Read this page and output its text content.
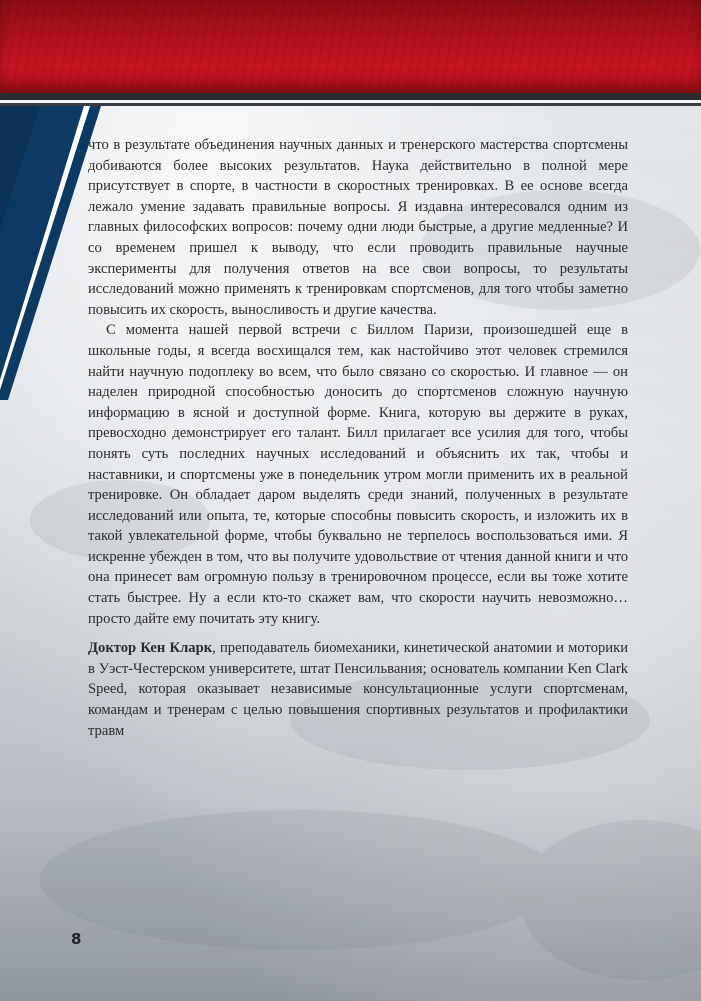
что в результате объединения научных данных и тренерского мастерства спортсмены добиваются более высоких результатов. Наука действительно в полной мере присутствует в спорте, в частности в скоростных тренировках. В ее основе всегда лежало умение задавать правильные вопросы. Я издавна интересовался одним из главных философских вопросов: почему одни люди быстрые, а другие медленные? И со временем пришел к выводу, что если проводить правильные научные эксперименты для получения ответов на все свои вопросы, то результаты исследований можно применять к тренировкам спортсменов, для того чтобы заметно повысить их скорость, выносливость и другие качества.

С момента нашей первой встречи с Биллом Паризи, произошедшей еще в школьные годы, я всегда восхищался тем, как настойчиво этот человек стремился найти научную подоплеку во всем, что было связано со скоростью. И главное — он наделен природной способностью доносить до спортсменов сложную научную информацию в ясной и доступной форме. Книга, которую вы держите в руках, превосходно демонстрирует его талант. Билл прилагает все усилия для того, чтобы понять суть последних научных исследований и объяснить их так, чтобы и наставники, и спортсмены уже в понедельник утром могли применить их в реальной тренировке. Он обладает даром выделять среди знаний, полученных в результате исследований или опыта, те, которые способны повысить скорость, и изложить их в такой увлекательной форме, чтобы буквально не терпелось воспользоваться ими. Я искренне убежден в том, что вы получите удовольствие от чтения данной книги и что она принесет вам огромную пользу в тренировочном процессе, если вы тоже хотите стать быстрее. Ну а если кто-то скажет вам, что скорости научить невозможно… просто дайте ему почитать эту книгу.

Доктор Кен Кларк, преподаватель биомеханики, кинетической анатомии и моторики в Уэст-Честерском университете, штат Пенсильвания; основатель компании Ken Clark Speed, которая оказывает независимые консультационные услуги спортсменам, командам и тренерам с целью повышения спортивных результатов и профилактики травм

8
